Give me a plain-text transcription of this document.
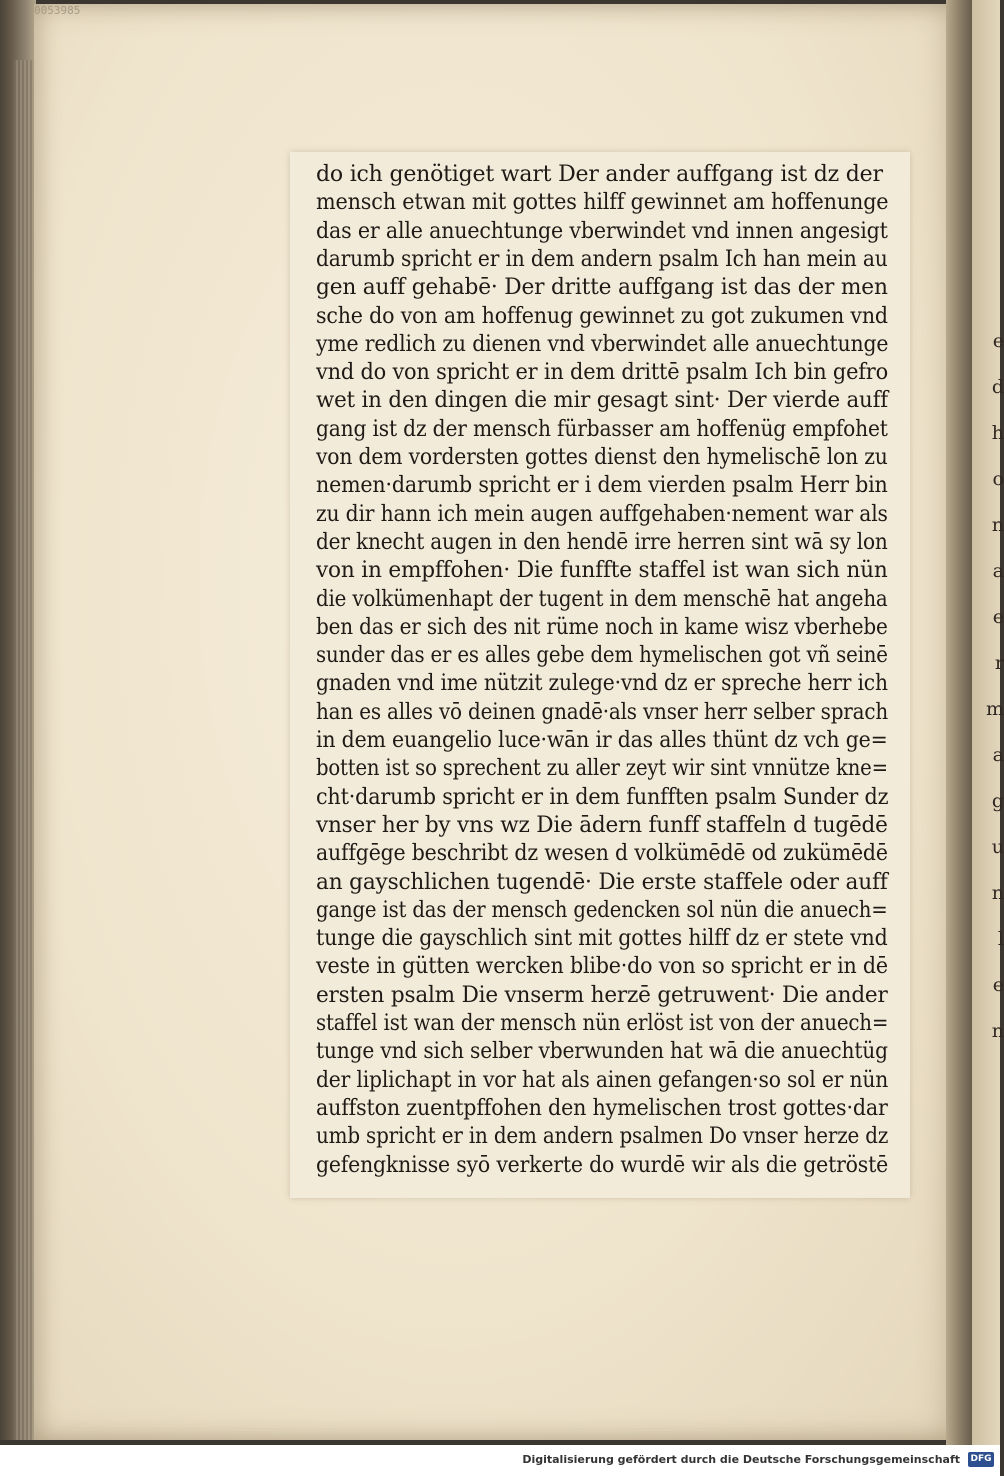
0053985
e
d
h
o
n
a
e
r
m
a
g
u
n
l
e
n
do ich genötiget wart Der ander auffgang ist dz der
mensch etwan mit gottes hilff gewinnet am hoffenunge
das er alle anuechtunge vberwindet vnd innen angesigt
darumb spricht er in dem andern psalm Ich han mein au
gen auff gehabē· Der dritte auffgang ist das der men
sche do von am hoffenug gewinnet zu got zukumen vnd
yme redlich zu dienen vnd vberwindet alle anuechtunge
vnd do von spricht er in dem drittē psalm Ich bin gefro
wet in den dingen die mir gesagt sint· Der vierde auff
gang ist dz der mensch fürbasser am hoffenüg empfohet
von dem vordersten gottes dienst den hymelischē lon zu
nemen·darumb spricht er i dem vierden psalm Herr bin
zu dir hann ich mein augen auffgehaben·nement war als
der knecht augen in den hendē irre herren sint wā sy lon
von in empffohen· Die funffte staffel ist wan sich nün
die volkümenhapt der tugent in dem menschē hat angeha
ben das er sich des nit rüme noch in kame wisz vberhebe
sunder das er es alles gebe dem hymelischen got vñ seinē
gnaden vnd ime nützit zulege·vnd dz er spreche herr ich
han es alles vō deinen gnadē·als vnser herr selber sprach
in dem euangelio luce·wān ir das alles thünt dz vch ge=
botten ist so sprechent zu aller zeyt wir sint vnnütze kne=
cht·darumb spricht er in dem funfften psalm Sunder dz
vnser her by vns wz Die ādern funff staffeln d tugēdē
auffgēge beschribt dz wesen d volkümēdē od zukümēdē
an gayschlichen tugendē· Die erste staffele oder auff
gange ist das der mensch gedencken sol nün die anuech=
tunge die gayschlich sint mit gottes hilff dz er stete vnd
veste in gütten wercken blibe·do von so spricht er in dē
ersten psalm Die vnserm herzē getruwent· Die ander
staffel ist wan der mensch nün erlöst ist von der anuech=
tunge vnd sich selber vberwunden hat wā die anuechtüg
der liplichapt in vor hat als ainen gefangen·so sol er nün
auffston zuentpffohen den hymelischen trost gottes·dar
umb spricht er in dem andern psalmen Do vnser herze dz
gefengknisse syō verkerte do wurdē wir als die getröstē
Digitalisierung gefördert durch die Deutsche Forschungsgemeinschaft DFG
